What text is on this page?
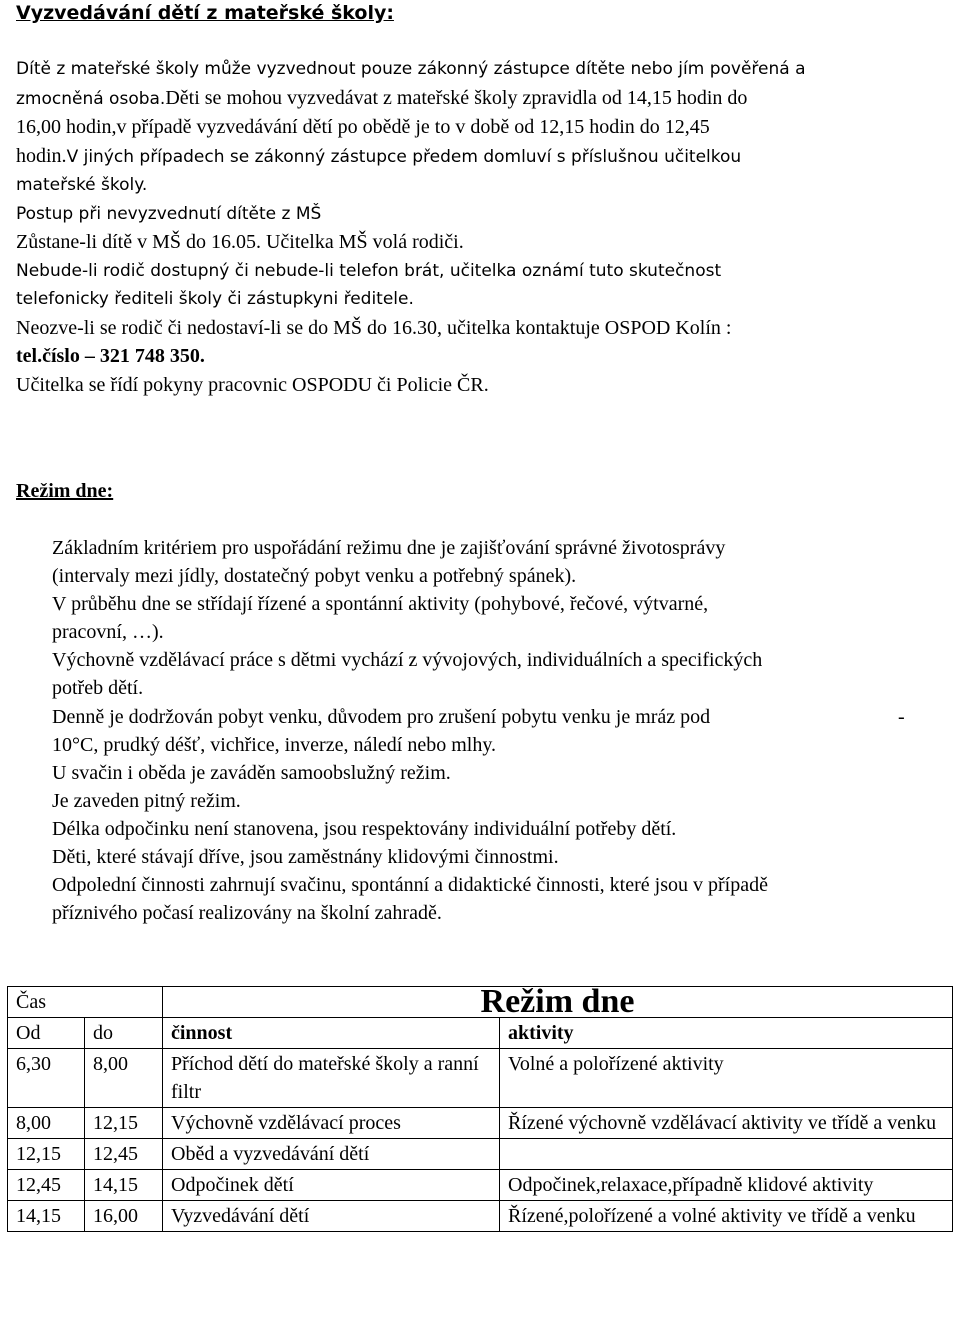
Vyzvedávání dětí z mateřské školy:
Dítě z mateřské školy může vyzvednout pouze zákonný zástupce dítěte nebo jím pověřená a
zmocněná osoba.Děti se mohou vyzvedávat z mateřské školy zpravidla od 14,15 hodin do
16,00 hodin,v případě vyzvedávání dětí po obědě je to v době od 12,15 hodin do 12,45
hodin.V jiných případech se zákonný zástupce předem domluví s příslušnou učitelkou
mateřské školy.
Postup při nevyzvednutí dítěte z MŠ
Zůstane-li dítě v MŠ do 16.05. Učitelka MŠ volá rodiči.
Nebude-li rodič dostupný či nebude-li telefon brát, učitelka oznámí tuto skutečnost
telefonicky řediteli školy či zástupkyni ředitele.
Neozve-li se rodič či nedostaví-li se do MŠ do 16.30, učitelka kontaktuje OSPOD Kolín :
tel.číslo – 321 748 350.
Učitelka se řídí pokyny pracovnic OSPODU či Policie ČR.
Režim dne:
Základním kritériem pro uspořádání režimu dne je zajišťování správné životosprávy
(intervaly mezi jídly, dostatečný pobyt venku a potřebný spánek).
V průběhu dne se střídají řízené a spontánní aktivity (pohybové, řečové, výtvarné,
pracovní, …).
Výchovně vzdělávací práce s dětmi vychází z vývojových, individuálních a specifických
potřeb dětí.
Denně je dodržován pobyt venku, důvodem pro zrušení pobytu venku je mráz pod	-
10°C, prudký déšť, vichřice, inverze, náledí nebo mlhy.
U svačin i oběda je zaváděn samoobslužný režim.
Je zaveden pitný režim.
Délka odpočinku není stanovena, jsou respektovány individuální potřeby dětí.
Děti, které stávají dříve, jsou zaměstnány klidovými činnostmi.
Odpolední činnosti zahrnují svačinu, spontánní a didaktické činnosti, které jsou v případě
příznivého počasí realizovány na školní zahradě.
Čas		Režim dne	
Od	do	činnost	aktivity
6,30	8,00	Příchod dětí do mateřské školy a ranní filtr	Volné a polořízené aktivity
8,00	12,15	Výchovně vzdělávací proces	Řízené výchovně vzdělávací aktivity ve třídě a venku
12,15	12,45	Oběd a vyzvedávání dětí	
12,45	14,15	Odpočinek dětí	Odpočinek,relaxace,případně klidové aktivity
14,15	16,00	Vyzvedávání dětí	Řízené,polořízené a volné aktivity ve třídě a venku
